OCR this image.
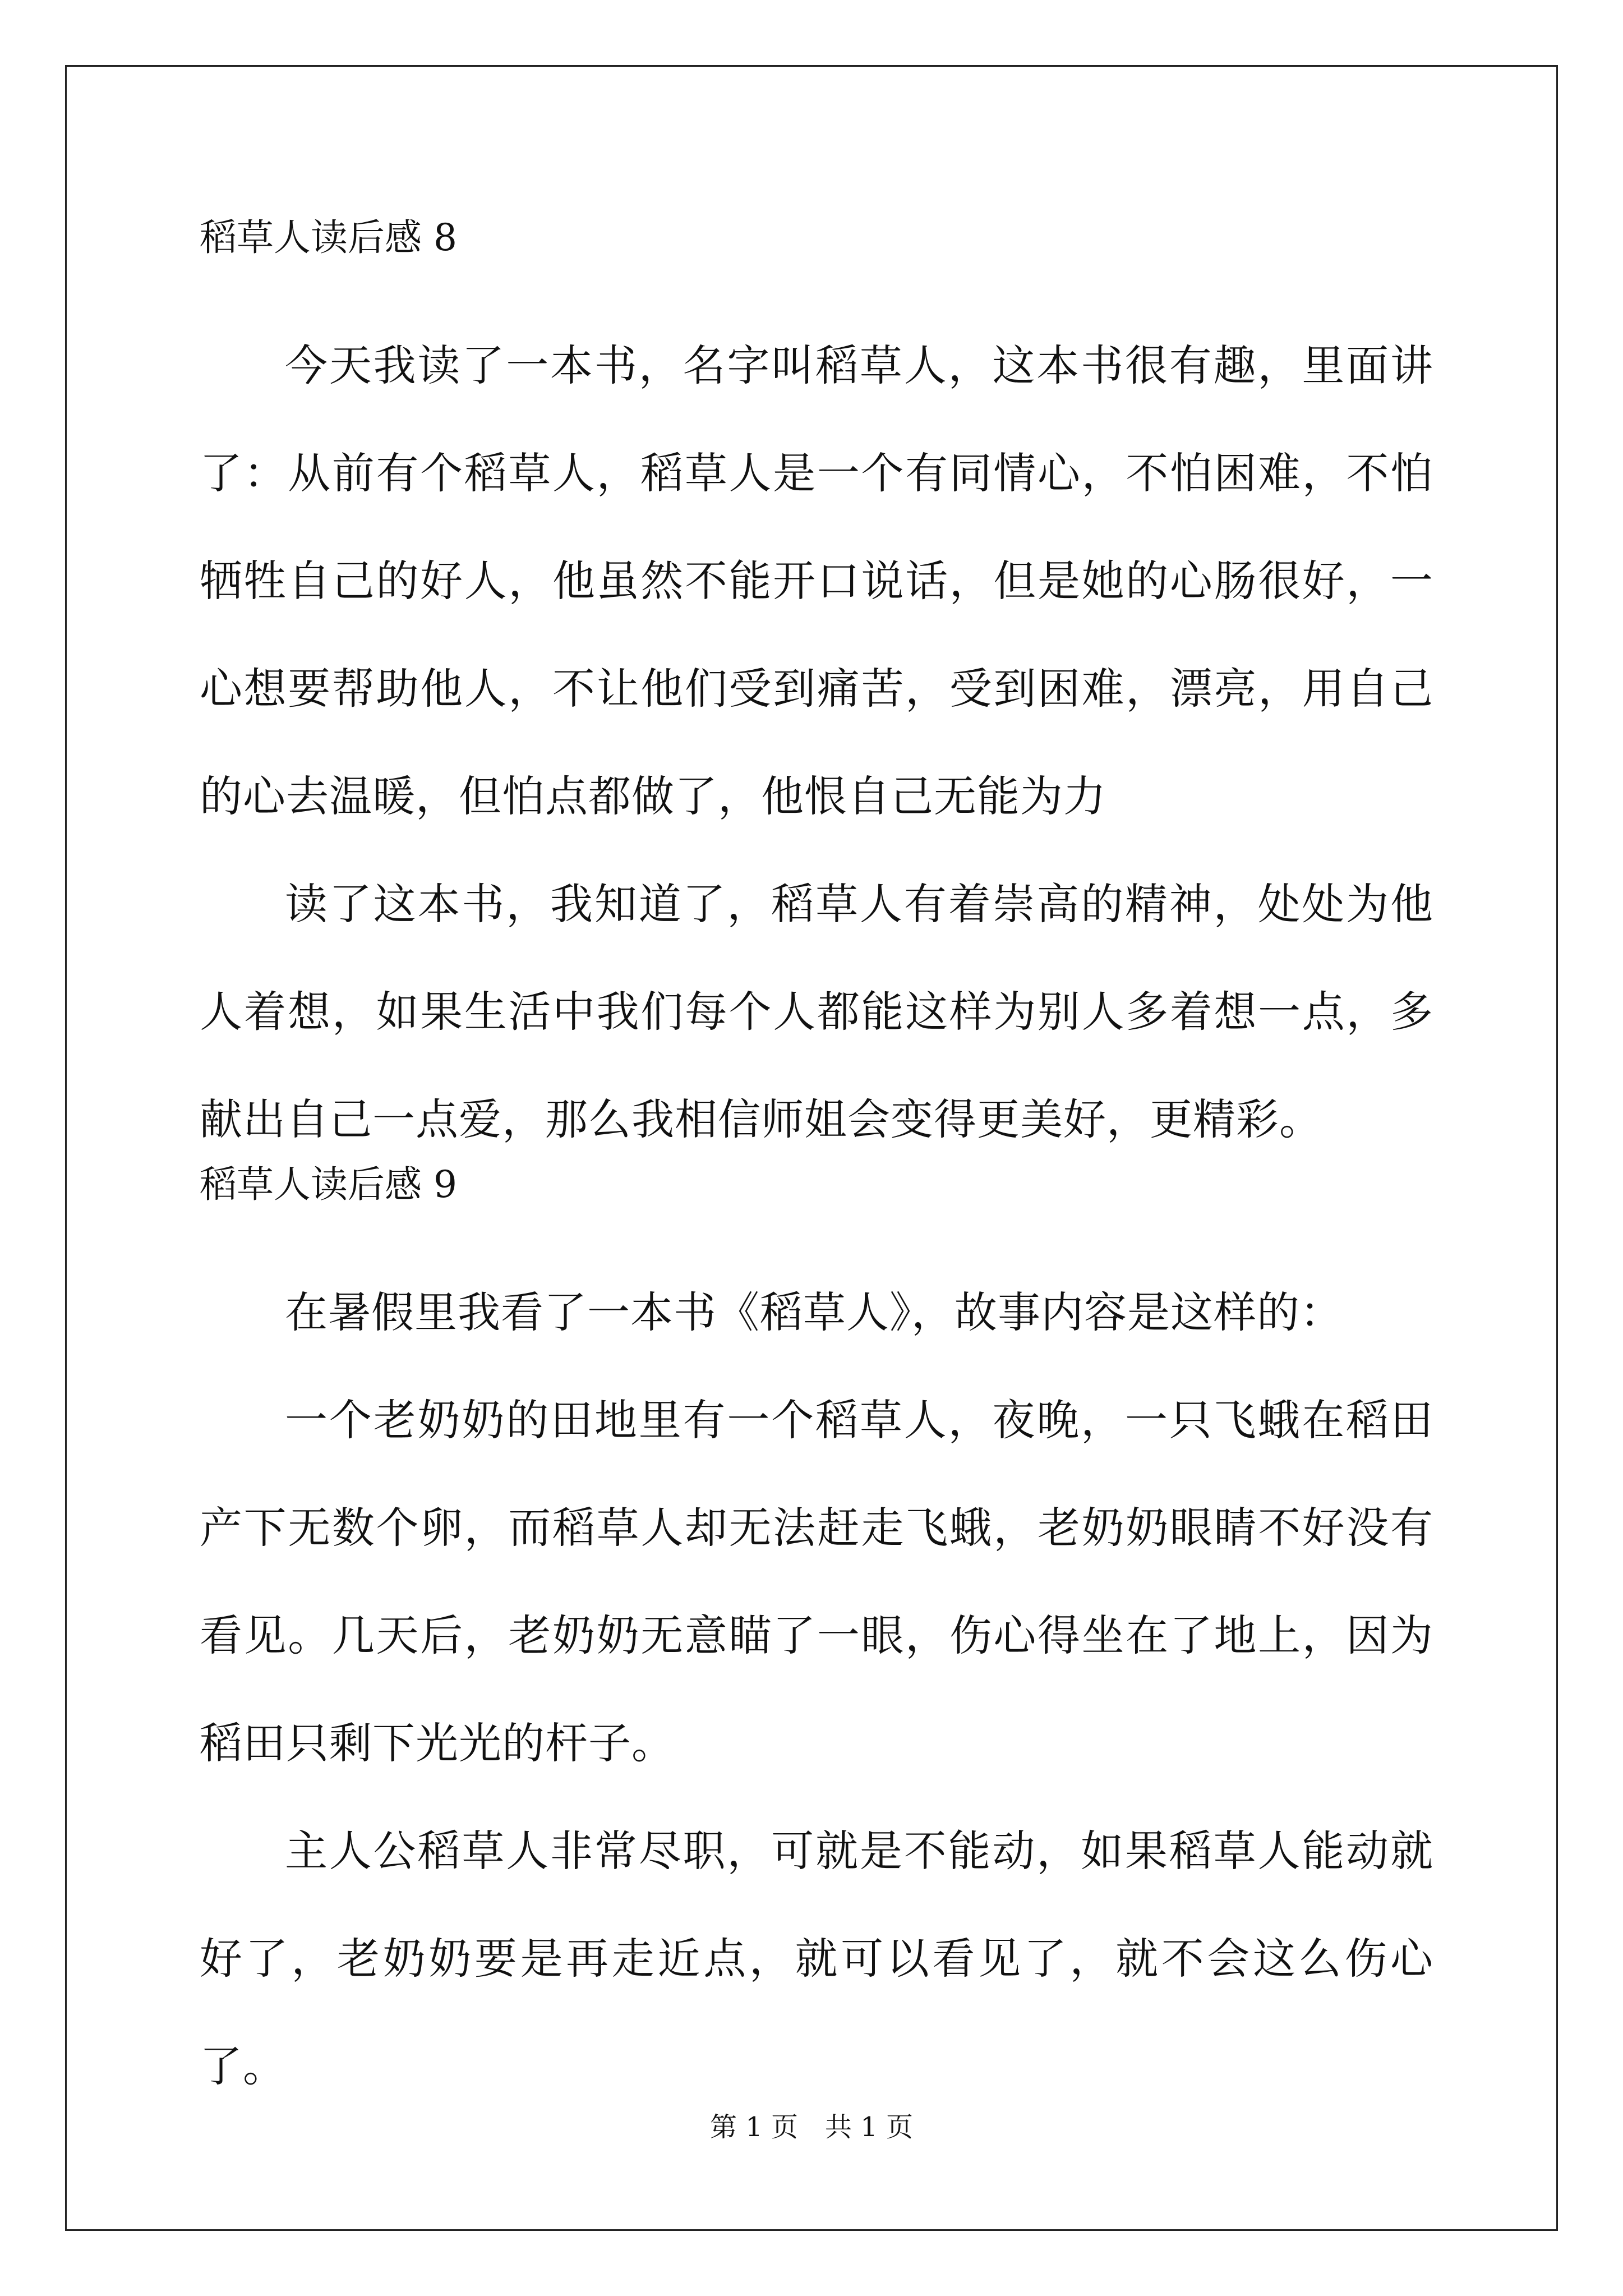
稻草人读后感 8

今天我读了一本书，名字叫稻草人，这本书很有趣，里面讲了：从前有个稻草人，稻草人是一个有同情心，不怕困难，不怕牺牲自己的好人，他虽然不能开口说话，但是她的心肠很好，一心想要帮助他人，不让他们受到痛苦，受到困难，漂亮，用自己的心去温暖，但怕点都做了，他恨自己无能为力

读了这本书，我知道了，稻草人有着崇高的精神，处处为他人着想，如果生活中我们每个人都能这样为别人多着想一点，多献出自己一点爱，那么我相信师姐会变得更美好，更精彩。

稻草人读后感 9

在暑假里我看了一本书《稻草人》，故事内容是这样的：

一个老奶奶的田地里有一个稻草人，夜晚，一只飞蛾在稻田产下无数个卵，而稻草人却无法赶走飞蛾，老奶奶眼睛不好没有看见。几天后，老奶奶无意瞄了一眼，伤心得坐在了地上，因为稻田只剩下光光的杆子。

主人公稻草人非常尽职，可就是不能动，如果稻草人能动就好了，老奶奶要是再走近点，就可以看见了，就不会这么伤心了。

第 1 页　共 1 页
